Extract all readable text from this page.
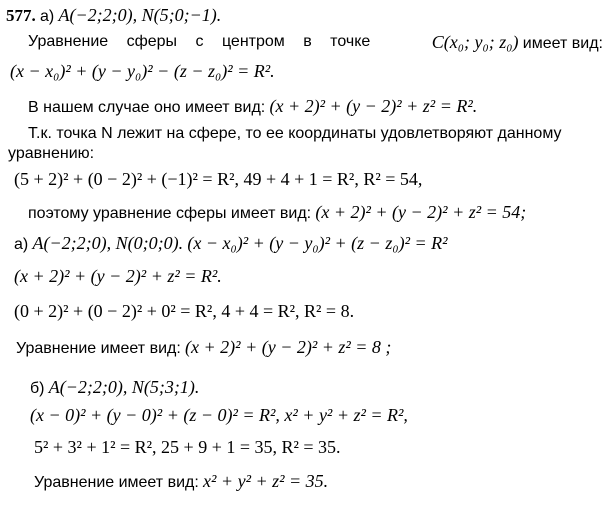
577. а) A(−2;2;0), N(5;0;−1).
Уравнение сферы с центром в точке	C(x₀; y₀; z₀) имеет вид:
(x − x₀)² + (y − y₀)² − (z − z₀)² = R².
В нашем случае оно имеет вид: (x + 2)² + (y − 2)² + z² = R².
Т.к. точка N лежит на сфере, то ее координаты удовлетворяют данному
уравнению:
(5 + 2)² + (0 − 2)² + (−1)² = R², 49 + 4 + 1 = R², R² = 54,
поэтому уравнение сферы имеет вид: (x + 2)² + (y − 2)² + z² = 54;
а) A(−2;2;0), N(0;0;0). (x − x₀)² + (y − y₀)² + (z − z₀)² = R²
(x + 2)² + (y − 2)² + z² = R².
(0 + 2)² + (0 − 2)² + 0² = R², 4 + 4 = R², R² = 8.
Уравнение имеет вид: (x + 2)² + (y − 2)² + z² = 8 ;
б) A(−2;2;0), N(5;3;1).
(x − 0)² + (y − 0)² + (z − 0)² = R², x² + y² + z² = R²,
5² + 3² + 1² = R², 25 + 9 + 1 = 35, R² = 35.
Уравнение имеет вид: x² + y² + z² = 35.
